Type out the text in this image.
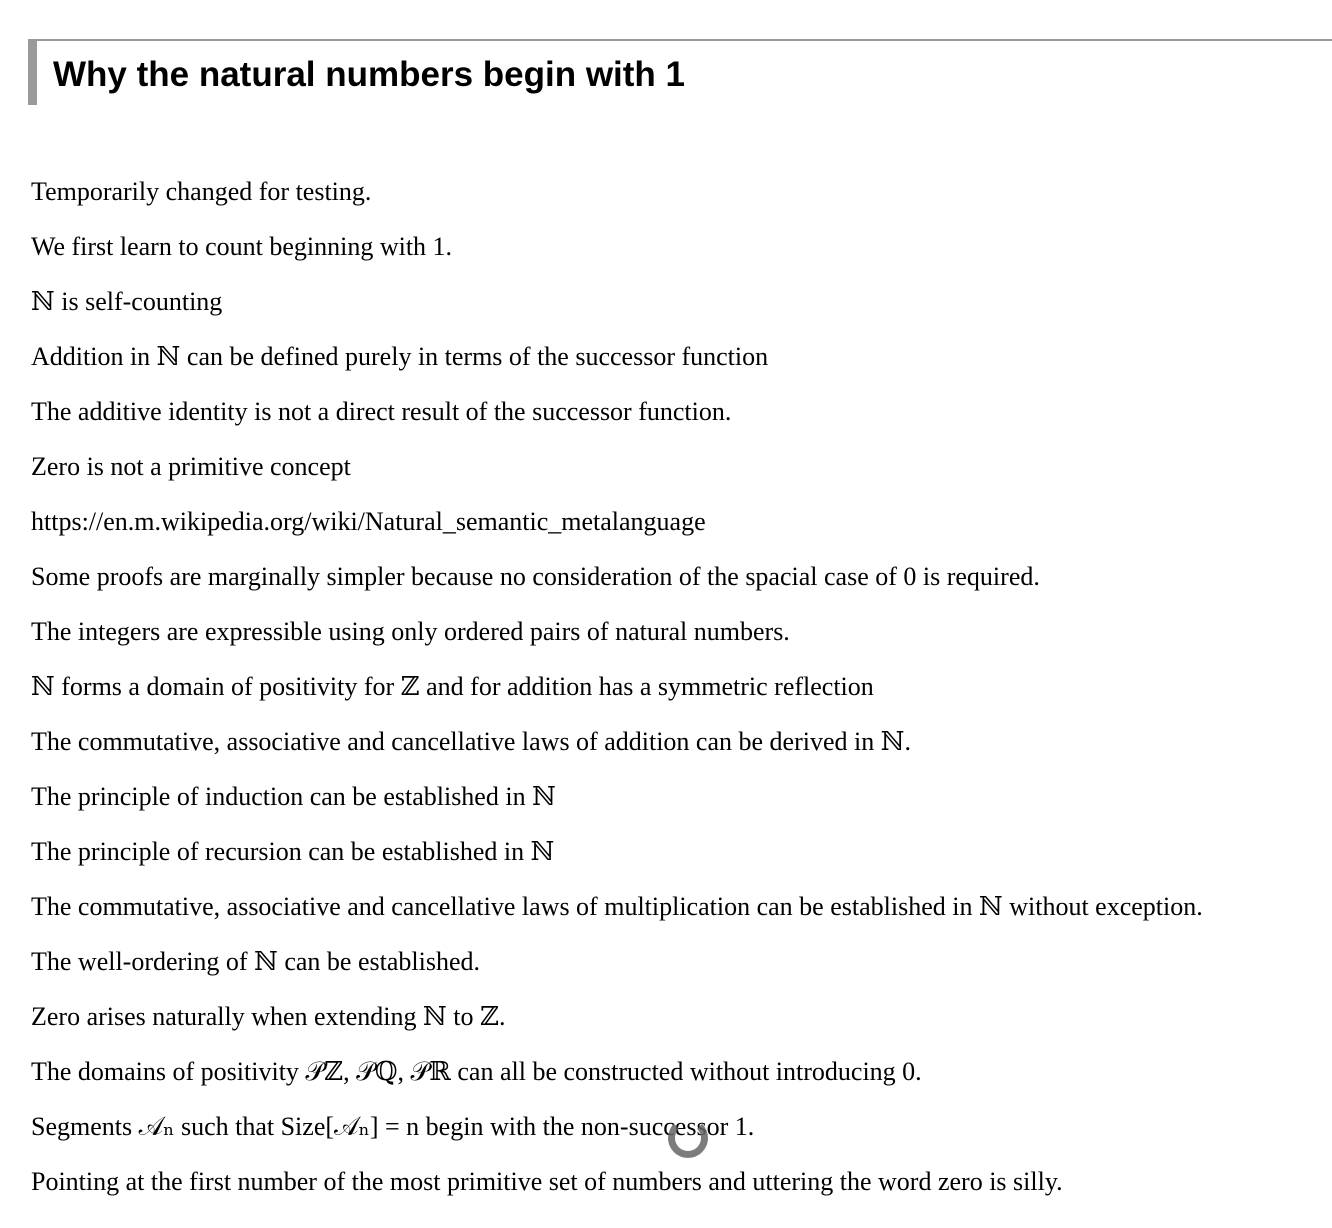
Why the natural numbers begin with 1

Temporarily changed for testing.

We first learn to count beginning with 1.

ℕ is self-counting

Addition in ℕ can be defined purely in terms of the successor function

The additive identity is not a direct result of the successor function.

Zero is not a primitive concept

https://en.m.wikipedia.org/wiki/Natural_semantic_metalanguage

Some proofs are marginally simpler because no consideration of the spacial case of 0 is required.

The integers are expressible using only ordered pairs of natural numbers.

ℕ forms a domain of positivity for ℤ and for addition has a symmetric reflection

The commutative, associative and cancellative laws of addition can be derived in ℕ.

The principle of induction can be established in ℕ

The principle of recursion can be established in ℕ

The commutative, associative and cancellative laws of multiplication can be established in ℕ without exception.

The well-ordering of ℕ can be established.

Zero arises naturally when extending ℕ to ℤ.

The domains of positivity 𝒫ℤ, 𝒫ℚ, 𝒫ℝ can all be constructed without introducing 0.

Segments 𝒜ₙ such that Size[𝒜ₙ] = n begin with the non-successor 1.

Pointing at the first number of the most primitive set of numbers and uttering the word zero is silly.
